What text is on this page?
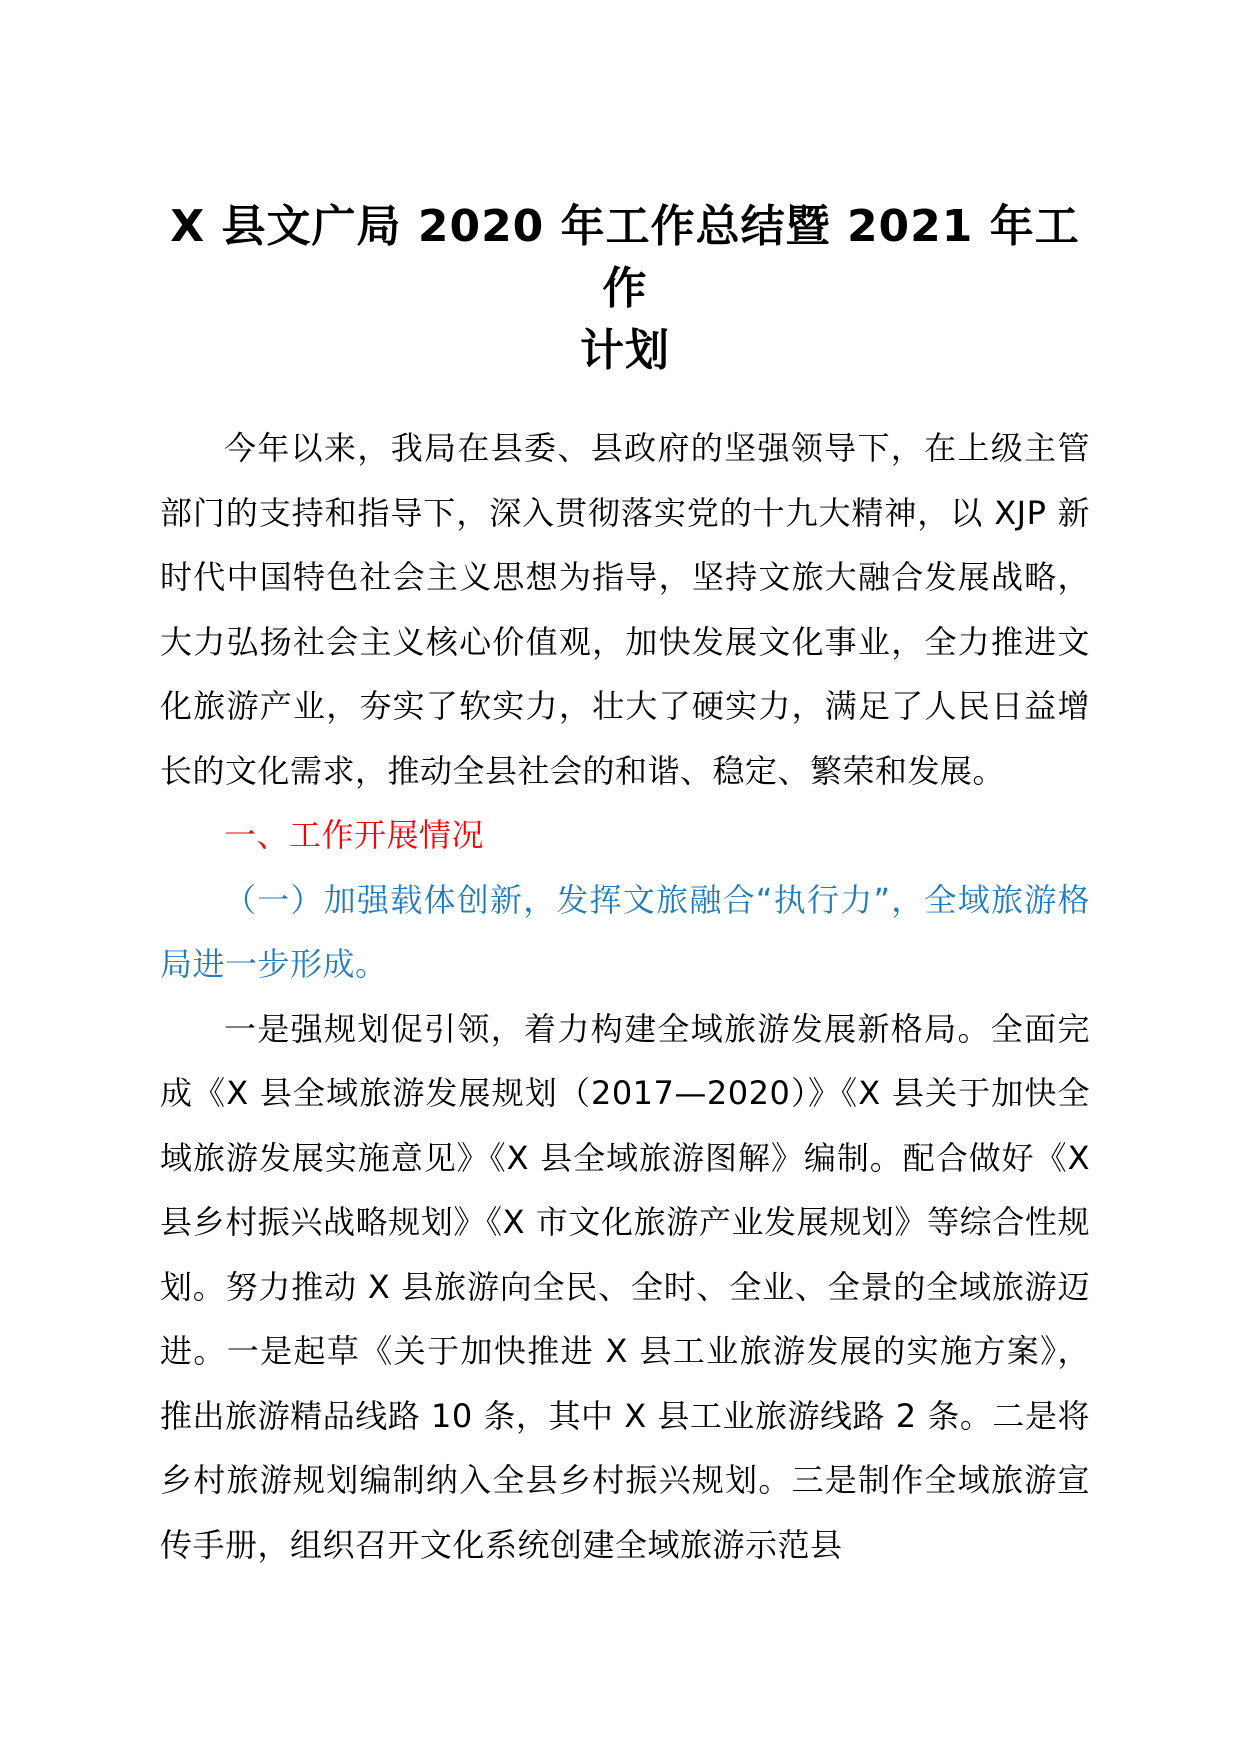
X 县文广局 2020 年工作总结暨 2021 年工作
计划

今年以来，我局在县委、县政府的坚强领导下，在上级主管部门的支持和指导下，深入贯彻落实党的十九大精神，以 XJP 新时代中国特色社会主义思想为指导，坚持文旅大融合发展战略，大力弘扬社会主义核心价值观，加快发展文化事业，全力推进文化旅游产业，夯实了软实力，壮大了硬实力，满足了人民日益增长的文化需求，推动全县社会的和谐、稳定、繁荣和发展。

一、工作开展情况

（一）加强载体创新，发挥文旅融合“执行力”，全域旅游格局进一步形成。

一是强规划促引领，着力构建全域旅游发展新格局。全面完成《X 县全域旅游发展规划（2017—2020）》《X 县关于加快全域旅游发展实施意见》《X 县全域旅游图解》编制。配合做好《X 县乡村振兴战略规划》《X 市文化旅游产业发展规划》等综合性规划。努力推动 X 县旅游向全民、全时、全业、全景的全域旅游迈进。一是起草《关于加快推进 X 县工业旅游发展的实施方案》，推出旅游精品线路 10 条，其中 X 县工业旅游线路 2 条。二是将乡村旅游规划编制纳入全县乡村振兴规划。三是制作全域旅游宣传手册，组织召开文化系统创建全域旅游示范县
